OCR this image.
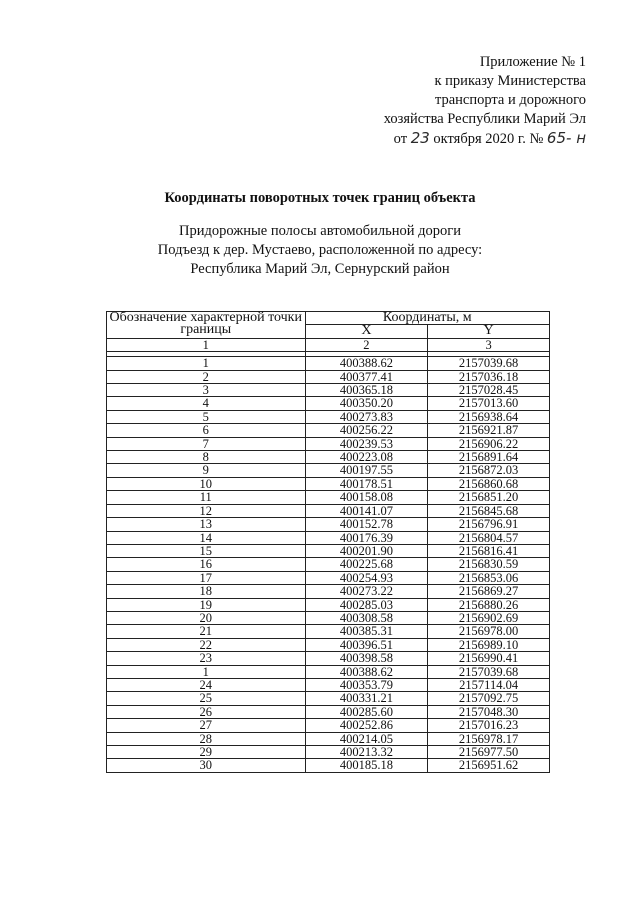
Приложение № 1
к приказу Министерства
транспорта и дорожного
хозяйства Республики Марий Эл
от 23 октября 2020 г. № 65- н
Координаты поворотных точек границ объекта
Придорожные полосы автомобильной дороги
Подъезд к дер. Мустаево, расположенной по адресу:
Республика Марий Эл, Сернурский район
Обозначение характерной точки границы	Координаты, м	
	X	Y
1	2	3

1	400388.62	2157039.68
2	400377.41	2157036.18
3	400365.18	2157028.45
4	400350.20	2157013.60
5	400273.83	2156938.64
6	400256.22	2156921.87
7	400239.53	2156906.22
8	400223.08	2156891.64
9	400197.55	2156872.03
10	400178.51	2156860.68
11	400158.08	2156851.20
12	400141.07	2156845.68
13	400152.78	2156796.91
14	400176.39	2156804.57
15	400201.90	2156816.41
16	400225.68	2156830.59
17	400254.93	2156853.06
18	400273.22	2156869.27
19	400285.03	2156880.26
20	400308.58	2156902.69
21	400385.31	2156978.00
22	400396.51	2156989.10
23	400398.58	2156990.41
1	400388.62	2157039.68
24	400353.79	2157114.04
25	400331.21	2157092.75
26	400285.60	2157048.30
27	400252.86	2157016.23
28	400214.05	2156978.17
29	400213.32	2156977.50
30	400185.18	2156951.62
